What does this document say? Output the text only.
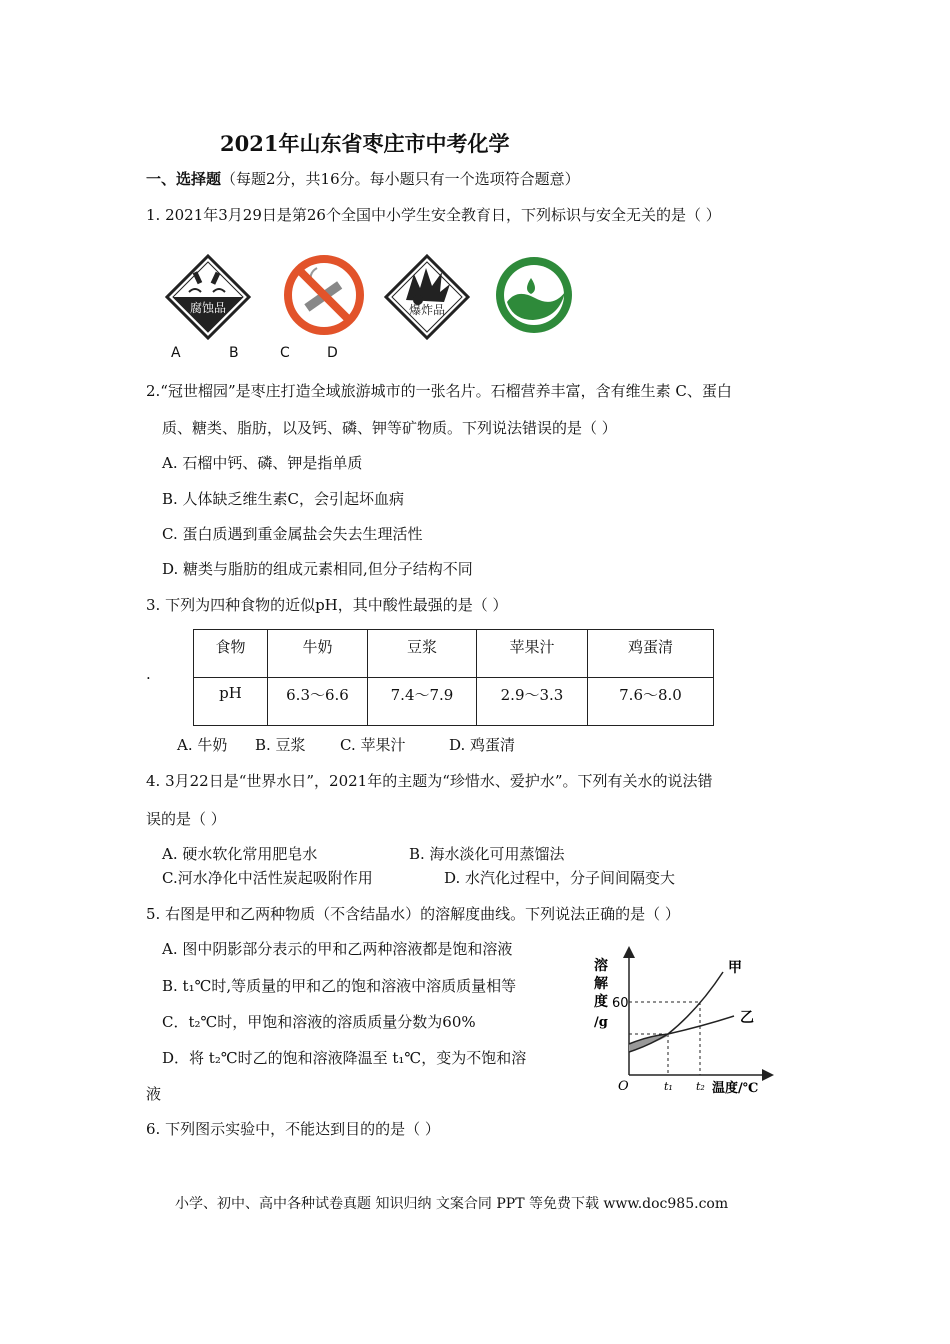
2021年山东省枣庄市中考化学
一、选择题（每题2分，共16分。每小题只有一个选项符合题意）
1. 2021年3月29日是第26个全国中小学生安全教育日，下列标识与安全无关的是（ ）
腐蚀品	爆炸品
A	B	C	D
2.“冠世榴园”是枣庄打造全域旅游城市的一张名片。石榴营养丰富，含有维生素 C、蛋白
质、糖类、脂肪，以及钙、磷、钾等矿物质。下列说法错误的是（ ）
A. 石榴中钙、磷、钾是指单质
B. 人体缺乏维生素C，会引起坏血病
C. 蛋白质遇到重金属盐会失去生理活性
D. 糖类与脂肪的组成元素相同,但分子结构不同
3. 下列为四种食物的近似pH，其中酸性最强的是（ ）
.
食物	牛奶	豆浆	苹果汁	鸡蛋清
pH	6.3～6.6	7.4～7.9	2.9～3.3	7.6～8.0
A. 牛奶 B. 豆浆 C. 苹果汁	D. 鸡蛋清
4. 3月22日是“世界水日”，2021年的主题为“珍惜水、爱护水”。下列有关水的说法错
误的是（ ）
A. 硬水软化常用肥皂水	B. 海水淡化可用蒸馏法
C.河水净化中活性炭起吸附作用	D. 水汽化过程中，分子间间隔变大
5. 右图是甲和乙两种物质（不含结晶水）的溶解度曲线。下列说法正确的是（ ）
A. 图中阴影部分表示的甲和乙两种溶液都是饱和溶液
B. t₁℃时,等质量的甲和乙的饱和溶液中溶质质量相等
C．t₂℃时，甲饱和溶液的溶质质量分数为60%
D．将 t₂℃时乙的饱和溶液降温至 t₁℃，变为不饱和溶
液
溶
解
度
/g
60
O	t₁ t₂ 温度/℃
甲
乙
6. 下列图示实验中，不能达到目的的是（ ）
小学、初中、高中各种试卷真题 知识归纳 文案合同 PPT 等免费下载 www.doc985.com
